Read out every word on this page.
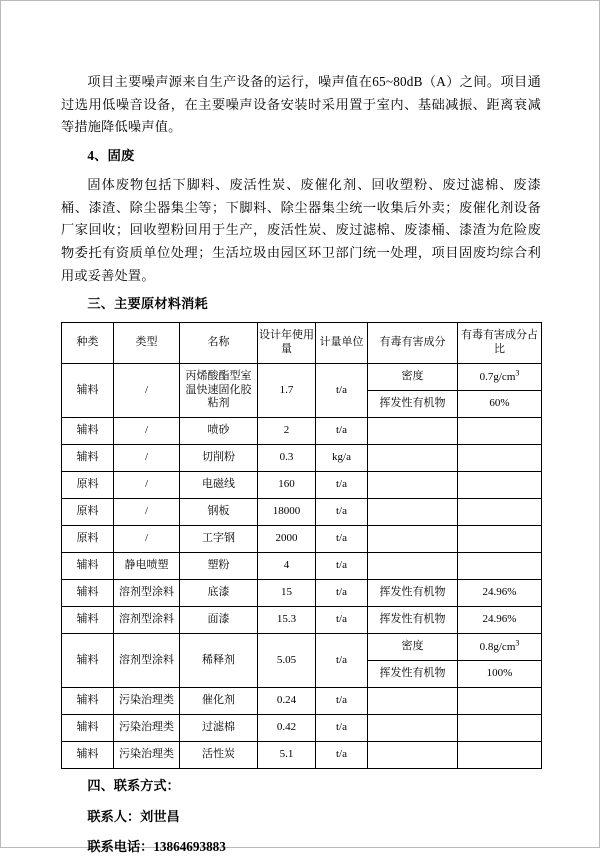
项目主要噪声源来自生产设备的运行，噪声值在65~80dB（A）之间。项目通过选用低噪音设备，在主要噪声设备安装时采用置于室内、基础减振、距离衰减等措施降低噪声值。

4、固废

固体废物包括下脚料、废活性炭、废催化剂、回收塑粉、废过滤棉、废漆桶、漆渣、除尘器集尘等；下脚料、除尘器集尘统一收集后外卖；废催化剂设备厂家回收；回收塑粉回用于生产，废活性炭、废过滤棉、废漆桶、漆渣为危险废物委托有资质单位处理；生活垃圾由园区环卫部门统一处理，项目固废均综合利用或妥善处置。

三、主要原材料消耗

种类	类型	名称	设计年使用量	计量单位	有毒有害成分	有毒有害成分占比
辅料	/	丙烯酸酯型室温快速固化胶粘剂	1.7	t/a	密度	$0.7g/cm^3$
					挥发性有机物	60%
辅料	/	喷砂	2	t/a		
辅料	/	切削粉	0.3	kg/a		
原料	/	电磁线	160	t/a		
原料	/	钢板	18000	t/a		
原料	/	工字钢	2000	t/a		
辅料	静电喷塑	塑粉	4	t/a		
辅料	溶剂型涂料	底漆	15	t/a	挥发性有机物	24.96%
辅料	溶剂型涂料	面漆	15.3	t/a	挥发性有机物	24.96%
辅料	溶剂型涂料	稀释剂	5.05	t/a	密度	$0.8g/cm^3$
					挥发性有机物	100%
辅料	污染治理类	催化剂	0.24	t/a		
辅料	污染治理类	过滤棉	0.42	t/a		
辅料	污染治理类	活性炭	5.1	t/a		

四、联系方式：

联系人：刘世昌

联系电话：13864693883
